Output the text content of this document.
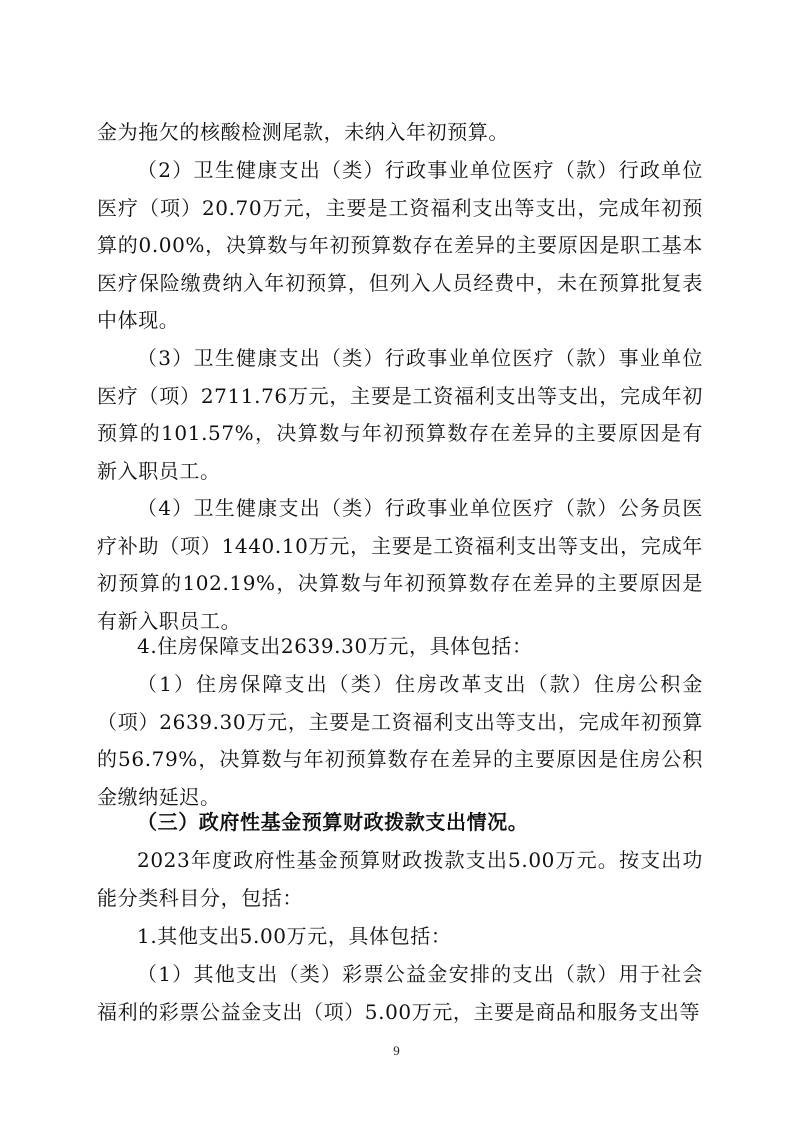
金为拖欠的核酸检测尾款，未纳入年初预算。

（2）卫生健康支出（类）行政事业单位医疗（款）行政单位医疗（项）20.70万元，主要是工资福利支出等支出，完成年初预算的0.00%，决算数与年初预算数存在差异的主要原因是职工基本医疗保险缴费纳入年初预算，但列入人员经费中，未在预算批复表中体现。

（3）卫生健康支出（类）行政事业单位医疗（款）事业单位医疗（项）2711.76万元，主要是工资福利支出等支出，完成年初预算的101.57%，决算数与年初预算数存在差异的主要原因是有新入职员工。

（4）卫生健康支出（类）行政事业单位医疗（款）公务员医疗补助（项）1440.10万元，主要是工资福利支出等支出，完成年初预算的102.19%，决算数与年初预算数存在差异的主要原因是有新入职员工。

4.住房保障支出2639.30万元，具体包括：

（1）住房保障支出（类）住房改革支出（款）住房公积金（项）2639.30万元，主要是工资福利支出等支出，完成年初预算的56.79%，决算数与年初预算数存在差异的主要原因是住房公积金缴纳延迟。

（三）政府性基金预算财政拨款支出情况。

2023年度政府性基金预算财政拨款支出5.00万元。按支出功能分类科目分，包括：

1.其他支出5.00万元，具体包括：

（1）其他支出（类）彩票公益金安排的支出（款）用于社会福利的彩票公益金支出（项）5.00万元，主要是商品和服务支出等

9
